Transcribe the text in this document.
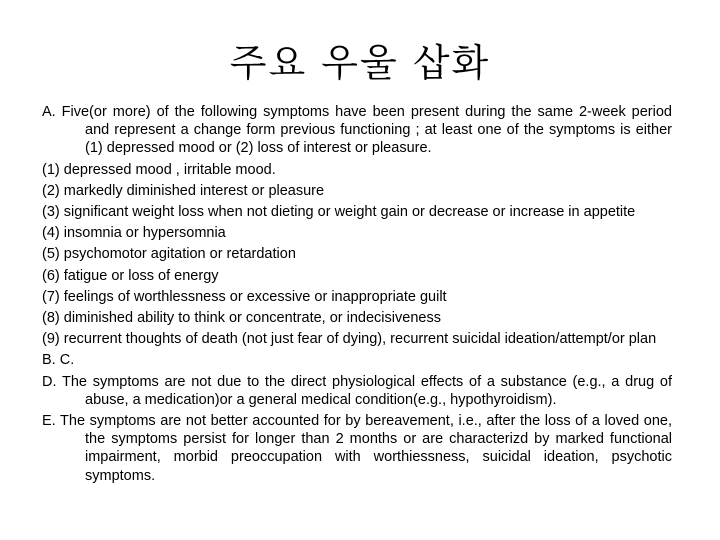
주요 우울 삽화
A. Five(or more) of the following symptoms have been present during the same 2-week period and represent a change form previous functioning ; at least one of the symptoms is either (1) depressed mood or (2) loss of interest or pleasure.
(1) depressed mood , irritable mood.
(2) markedly diminished interest or pleasure
(3) significant weight loss when not dieting or weight gain or decrease or increase in appetite
(4) insomnia or hypersomnia
(5) psychomotor agitation or retardation
(6) fatigue or loss of energy
(7) feelings of worthlessness or excessive or inappropriate guilt
(8) diminished ability to think or concentrate, or indecisiveness
(9) recurrent thoughts of death (not just fear of dying), recurrent suicidal ideation/attempt/or plan
B. C.
D. The symptoms are not due to the direct physiological effects of a substance (e.g., a drug of abuse, a medication)or a general medical condition(e.g., hypothyroidism).
E. The symptoms are not better accounted for by bereavement, i.e., after the loss of a loved one, the symptoms persist for longer than 2 months or are characterizd by marked functional impairment, morbid preoccupation with worthiessness, suicidal ideation, psychotic symptoms.
